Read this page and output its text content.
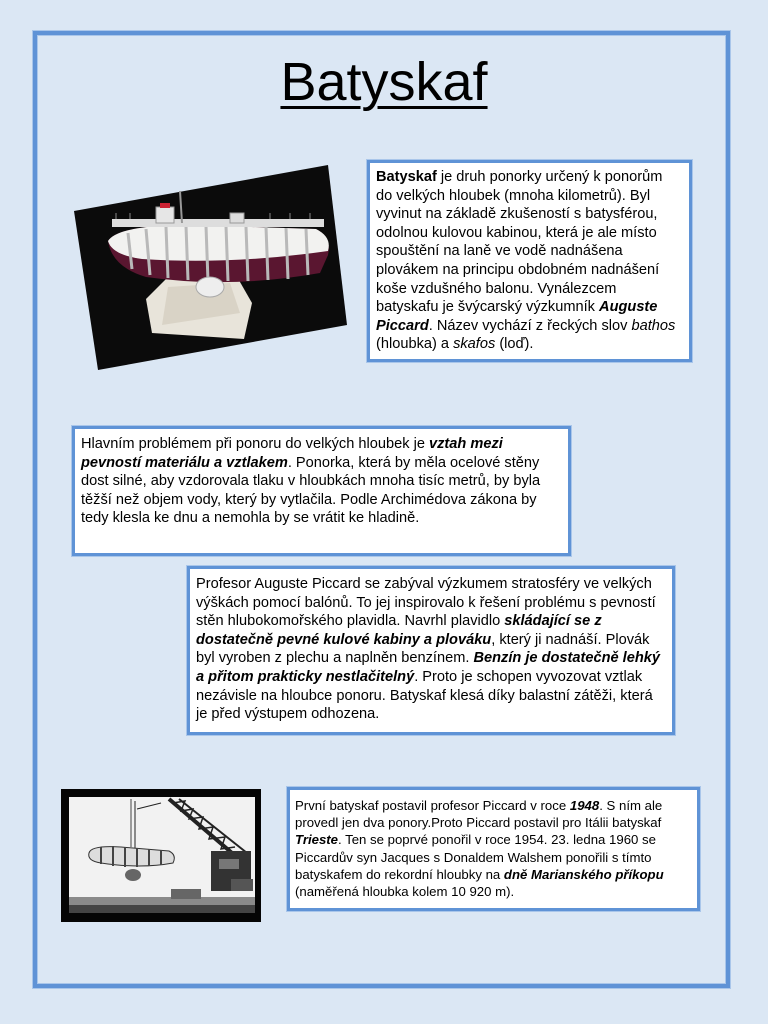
Batyskaf
Batyskaf je druh ponorky určený k ponorům do velkých hloubek (mnoha kilometrů). Byl vyvinut na základě zkušeností s batysférou, odolnou kulovou kabinou, která je ale místo spouštění na laně ve vodě nadnášena plovákem na principu obdobném nadnášení koše vzdušného balonu. Vynálezcem batyskafu je švýcarský výzkumník Auguste Piccard. Název vychází z řeckých slov bathos (hloubka) a skafos (loď).
Hlavním problémem při ponoru do velkých hloubek je vztah mezi pevností materiálu a vztlakem. Ponorka, která by měla ocelové stěny dost silné, aby vzdorovala tlaku v hloubkách mnoha tisíc metrů, by byla těžší než objem vody, který by vytlačila. Podle Archimédova zákona by tedy klesla ke dnu a nemohla by se vrátit ke hladině.
Profesor Auguste Piccard se zabýval výzkumem stratosféry ve velkých výškách pomocí balónů. To jej inspirovalo k řešení problému s pevností stěn hlubokomořského plavidla. Navrhl plavidlo skládající se z dostatečně pevné kulové kabiny a plováku, který ji nadnáší. Plovák byl vyroben z plechu a naplněn benzínem. Benzín je dostatečně lehký a přitom prakticky nestlačitelný. Proto je schopen vyvozovat vztlak nezávisle na hloubce ponoru. Batyskaf klesá díky balastní zátěži, která je před výstupem odhozena.
První batyskaf postavil profesor Piccard v roce 1948. S ním ale provedl jen dva ponory.Proto Piccard postavil pro Itálii batyskaf Trieste. Ten se poprvé ponořil v roce 1954. 23. ledna 1960 se Piccardův syn Jacques s Donaldem Walshem ponořili s tímto batyskafem do rekordní hloubky na dně Marianského příkopu (naměřená hloubka kolem 10 920 m).
